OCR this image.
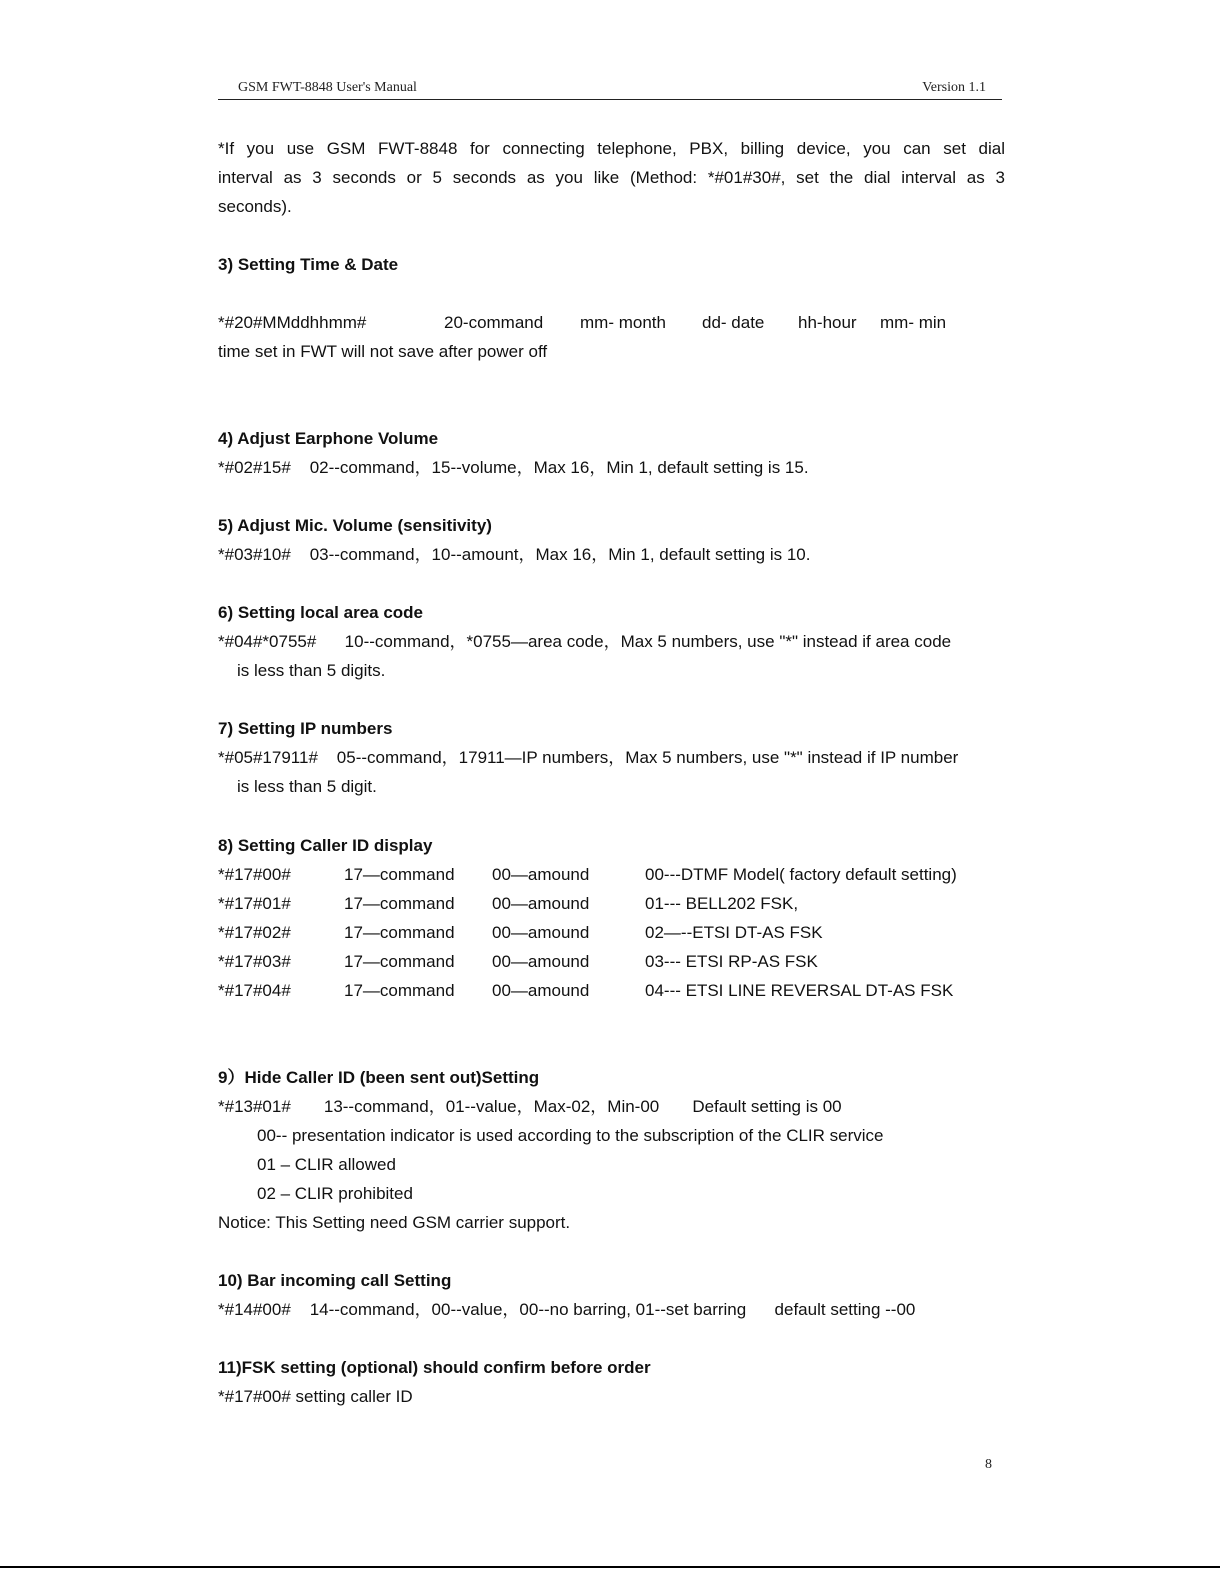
GSM FWT-8848 User's Manual	Version 1.1
*If you use GSM FWT-8848 for connecting telephone, PBX, billing device, you can set dial
interval as 3 seconds or 5 seconds as you like (Method: *#01#30#, set the dial interval as 3
seconds).
3) Setting Time & Date
*#20#MMddhhmm#	20-command mm- month dd- date hh-hour mm- min
time set in FWT will not save after power off
4) Adjust Earphone Volume
*#02#15#    02--command，15--volume，Max 16，Min 1, default setting is 15.
5) Adjust Mic. Volume (sensitivity)
*#03#10#    03--command，10--amount，Max 16，Min 1, default setting is 10.
6) Setting local area code
*#04#*0755#      10--command，*0755—area code，Max 5 numbers, use "*" instead if area code
is less than 5 digits.
7) Setting IP numbers
*#05#17911#    05--command，17911—IP numbers，Max 5 numbers, use "*" instead if IP number
is less than 5 digit.
8) Setting Caller ID display
*#17#00#	17—command 00—amound	00---DTMF Model( factory default setting)
*#17#01#	17—command 00—amound	01--- BELL202 FSK,
*#17#02#	17—command 00—amound	02—--ETSI DT-AS FSK
*#17#03#	17—command 00—amound	03--- ETSI RP-AS FSK
*#17#04#	17—command 00—amound	04--- ETSI LINE REVERSAL DT-AS FSK
9）Hide Caller ID (been sent out)Setting
*#13#01#       13--command，01--value，Max-02，Min-00       Default setting is 00
00-- presentation indicator is used according to the subscription of the CLIR service
01 – CLIR allowed
02 – CLIR prohibited
Notice: This Setting need GSM carrier support.
10) Bar incoming call Setting
*#14#00#    14--command，00--value，00--no barring, 01--set barring      default setting --00
11)FSK setting (optional) should confirm before order
*#17#00# setting caller ID
8
